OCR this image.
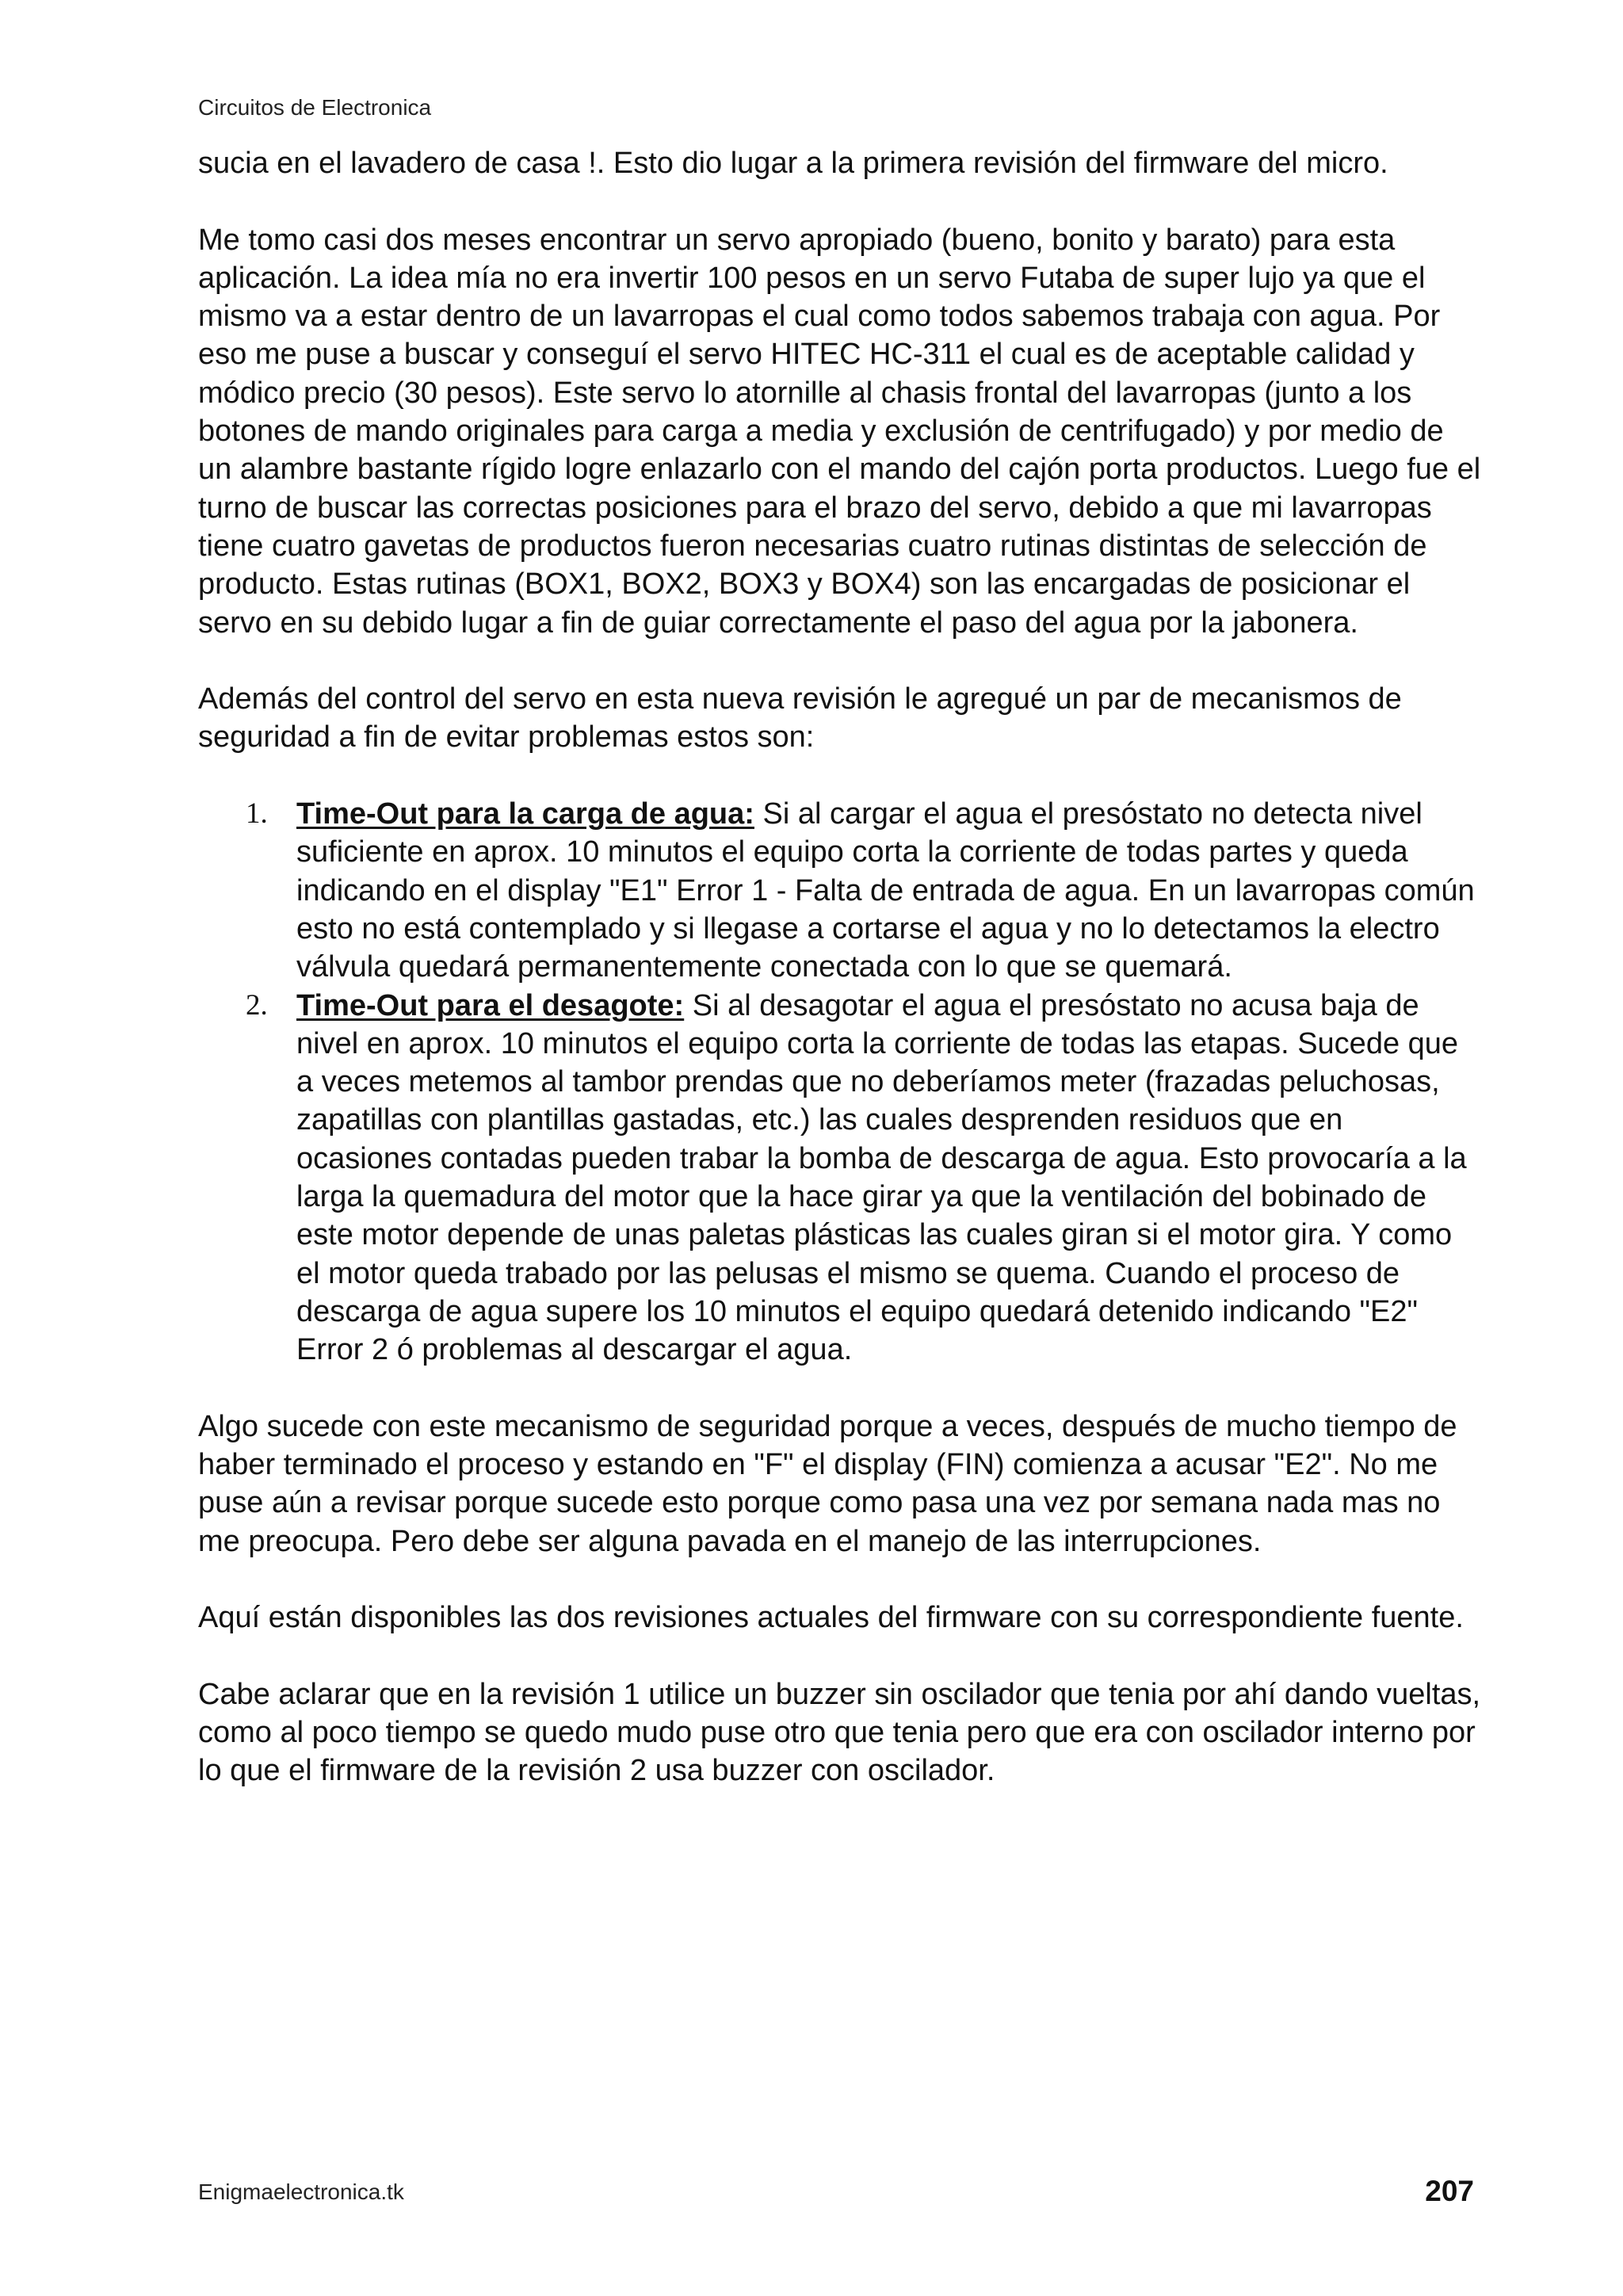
Circuitos de Electronica

sucia en el lavadero de casa !. Esto dio lugar a la primera revisión del firmware del micro.

Me tomo casi dos meses encontrar un servo apropiado (bueno, bonito y barato) para esta aplicación. La idea mía no era invertir 100 pesos en un servo Futaba de super lujo ya que el mismo va a estar dentro de un lavarropas el cual como todos sabemos trabaja con agua. Por eso me puse a buscar y conseguí el servo HITEC HC-311 el cual es de aceptable calidad y módico precio (30 pesos). Este servo lo atornille al chasis frontal del lavarropas (junto a los botones de mando originales para carga a media y exclusión de centrifugado) y por medio de un alambre bastante rígido logre enlazarlo con el mando del cajón porta productos. Luego fue el turno de buscar las correctas posiciones para el brazo del servo, debido a que mi lavarropas tiene cuatro gavetas de productos fueron necesarias cuatro rutinas distintas de selección de producto. Estas rutinas (BOX1, BOX2, BOX3 y BOX4) son las encargadas de posicionar el servo en su debido lugar a fin de guiar correctamente el paso del agua por la jabonera.

Además del control del servo en esta nueva revisión le agregué un par de mecanismos de seguridad a fin de evitar problemas estos son:

1. Time-Out para la carga de agua: Si al cargar el agua el presóstato no detecta nivel suficiente en aprox. 10 minutos el equipo corta la corriente de todas partes y queda indicando en el display "E1" Error 1 - Falta de entrada de agua. En un lavarropas común esto no está contemplado y si llegase a cortarse el agua y no lo detectamos la electro válvula quedará permanentemente conectada con lo que se quemará.
2. Time-Out para el desagote: Si al desagotar el agua el presóstato no acusa baja de nivel en aprox. 10 minutos el equipo corta la corriente de todas las etapas. Sucede que a veces metemos al tambor prendas que no deberíamos meter (frazadas peluchosas, zapatillas con plantillas gastadas, etc.) las cuales desprenden residuos que en ocasiones contadas pueden trabar la bomba de descarga de agua. Esto provocaría a la larga la quemadura del motor que la hace girar ya que la ventilación del bobinado de este motor depende de unas paletas plásticas las cuales giran si el motor gira. Y como el motor queda trabado por las pelusas el mismo se quema. Cuando el proceso de descarga de agua supere los 10 minutos el equipo quedará detenido indicando "E2" Error 2 ó problemas al descargar el agua.

Algo sucede con este mecanismo de seguridad porque a veces, después de mucho tiempo de haber terminado el proceso y estando en "F" el display (FIN) comienza a acusar "E2". No me puse aún a revisar porque sucede esto porque como pasa una vez por semana nada mas no me preocupa. Pero debe ser alguna pavada en el manejo de las interrupciones.

Aquí están disponibles las dos revisiones actuales del firmware con su correspondiente fuente.

Cabe aclarar que en la revisión 1 utilice un buzzer sin oscilador que tenia por ahí dando vueltas, como al poco tiempo se quedo mudo puse otro que tenia pero que era con oscilador interno por lo que el firmware de la revisión 2 usa buzzer con oscilador.

Enigmaelectronica.tk	207
